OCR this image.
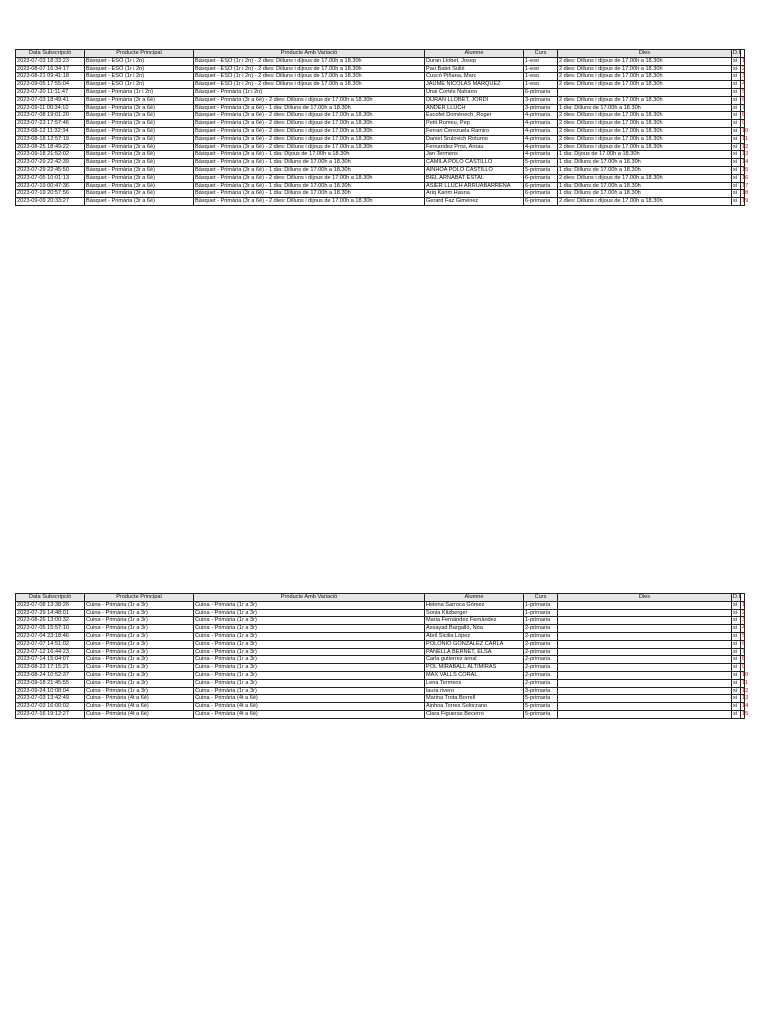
Data Subscripció	Producte Principal	Producte Amb Variació	Alumne	Curs	Dies	D.I.	
2023-07-03 18:33:23	Bàsquet - ESO (1r i 2n)	Bàsquet - ESO (1r i 2n) - 2 dies: Dilluns i dijous de 17.00h a 18.30h	Duran Llobet, Josep	1-eso	2 dies: Dilluns i dijous de 17.00h a 18.30h	si	1
2023-08-07 16:34:17	Bàsquet - ESO (1r i 2n)	Bàsquet - ESO (1r i 2n) - 2 dies: Dilluns i dijous de 17.00h a 18.30h	Pau Batet Sullé	1-eso	2 dies: Dilluns i dijous de 17.00h a 18.30h	si	2
2023-08-21 09:41:18	Bàsquet - ESO (1r i 2n)	Bàsquet - ESO (1r i 2n) - 2 dies: Dilluns i dijous de 17.00h a 18.30h	Cuscó Piñana, Marc	1-eso	2 dies: Dilluns i dijous de 17.00h a 18.30h	si	3
2023-09-05 17:55:04	Bàsquet - ESO (1r i 2n)	Bàsquet - ESO (1r i 2n) - 2 dies: Dilluns i dijous de 17.00h a 18.30h	JAUME NICOLAS MARQUEZ	1-eso	2 dies: Dilluns i dijous de 17.00h a 18.30h	si	4
2023-07-20 11:11:47	Bàsquet - Primària (1r i 2n)	Bàsquet - Primària (1r i 2n)	Unai Cortés Naharro	6-primaria		si	5
2023-07-03 18:49:41	Bàsquet - Primària (3r a 6è)	Bàsquet - Primària (3r a 6è) - 2 dies: Dilluns i dijous de 17.00h a 18.30h	DURAN LLOBET, JORDI	3-primaria	2 dies: Dilluns i dijous de 17.00h a 18.30h	si	6
2023-09-11 00:34:10	Bàsquet - Primària (3r a 6è)	Bàsquet - Primària (3r a 6è) - 1 dia: Dilluns de 17.00h a 18.30h	ANDER LLUCH	3-primaria	1 dia: Dilluns de 17.00h a 18.30h	si	7
2023-07-08 19:01:20	Bàsquet - Primària (3r a 6è)	Bàsquet - Primària (3r a 6è) - 2 dies: Dilluns i dijous de 17.00h a 18.30h	Escofet Domènech, Roger	4-primaria	2 dies: Dilluns i dijous de 17.00h a 18.30h	si	8
2023-07-23 17:57:46	Bàsquet - Primària (3r a 6è)	Bàsquet - Primària (3r a 6è) - 2 dies: Dilluns i dijous de 17.00h a 18.30h	Petit Romeu, Pep	4-primaria	2 dies: Dilluns i dijous de 17.00h a 18.30h	si	9
2023-08-12 11:32:34	Bàsquet - Primària (3r a 6è)	Bàsquet - Primària (3r a 6è) - 2 dies: Dilluns i dijous de 17.00h a 18.30h	Ferran Cerezuela Ramiro	4-primaria	2 dies: Dilluns i dijous de 17.00h a 18.30h	si	10
2023-08-18 12:57:19	Bàsquet - Primària (3r a 6è)	Bàsquet - Primària (3r a 6è) - 2 dies: Dilluns i dijous de 17.00h a 18.30h	Daniel Srulovich Roturno	4-primaria	2 dies: Dilluns i dijous de 17.00h a 18.30h	si	11
2023-08-25 18:49:22	Bàsquet - Primària (3r a 6è)	Bàsquet - Primària (3r a 6è) - 2 dies: Dilluns i dijous de 17.00h a 18.30h	Fernandez Pros, Arnau	4-primaria	2 dies: Dilluns i dijous de 17.00h a 18.30h	si	12
2023-09-18 21:52:02	Bàsquet - Primària (3r a 6è)	Bàsquet - Primària (3r a 6è) - 1 dia: Dijous de 17.00h a 18.30h	Jan Termens	4-primaria	1 dia: Dijous de 17.00h a 18.30h	si	13
2023-07-29 22:42:39	Bàsquet - Primària (3r a 6è)	Bàsquet - Primària (3r a 6è) - 1 dia: Dilluns de 17.00h a 18.30h	CAMILA POLO CASTILLO	5-primaria	1 dia: Dilluns de 17.00h a 18.30h	si	14
2023-07-29 22:45:50	Bàsquet - Primària (3r a 6è)	Bàsquet - Primària (3r a 6è) - 1 dia: Dilluns de 17.00h a 18.30h	AINHOA POLO CASTILLO	5-primaria	1 dia: Dilluns de 17.00h a 18.30h	si	15
2023-07-05 10:01:13	Bàsquet - Primària (3r a 6è)	Bàsquet - Primària (3r a 6è) - 2 dies: Dilluns i dijous de 17.00h a 18.30h	BIEL ARNABAT ESTAL	6-primaria	2 dies: Dilluns i dijous de 17.00h a 18.30h	si	16
2023-07-19 00:47:36	Bàsquet - Primària (3r a 6è)	Bàsquet - Primària (3r a 6è) - 1 dia: Dilluns de 17.00h a 18.30h	ASIER LLUCH ARRUABARRENA	6-primaria	1 dia: Dilluns de 17.00h a 18.30h	si	17
2023-07-19 20:57:56	Bàsquet - Primària (3r a 6è)	Bàsquet - Primària (3r a 6è) - 1 dia: Dilluns de 17.00h a 18.30h	Ariq Karim Hasna	6-primaria	1 dia: Dilluns de 17.00h a 18.30h	si	18
2023-09-09 20:33:27	Bàsquet - Primària (3r a 6è)	Bàsquet - Primària (3r a 6è) - 2 dies: Dilluns i dijous de 17.00h a 18.30h	Gerard Faz Giménez	6-primaria	2 dies: Dilluns i dijous de 17.00h a 18.30h	si	19
Data Subscripció	Producte Principal	Producte Amb Variació	Alumne	Curs	Dies	D.I.	
2023-07-08 13:38:26	Cuina - Primària (1r a 3r)	Cuina - Primària (1r a 3r)	Helena Sarroca Gómez	1-primaria		si	1
2023-07-29 14:48:01	Cuina - Primària (1r a 3r)	Cuina - Primària (1r a 3r)	Sonia Kitzberger	1-primaria		si	2
2023-08-26 13:00:32	Cuina - Primària (1r a 3r)	Cuina - Primària (1r a 3r)	Maria Fernández Fernàndez	1-primaria		si	3
2023-07-05 15:57:10	Cuina - Primària (1r a 3r)	Cuina - Primària (1r a 3r)	Assayad Bargalló, Noa	2-primaria		si	4
2023-07-04 23:18:46	Cuina - Primària (1r a 3r)	Cuina - Primària (1r a 3r)	Abril Sicilia López	2-primaria		si	5
2023-07-07 14:51:02	Cuina - Primària (1r a 3r)	Cuina - Primària (1r a 3r)	POLONIO GONZALEZ CARLA	2-primaria		si	6
2023-07-12 16:44:23	Cuina - Primària (1r a 3r)	Cuina - Primària (1r a 3r)	PANELLA BERNET, ELSA	2-primaria		si	7
2023-07-14 15:04:07	Cuina - Primària (1r a 3r)	Cuina - Primària (1r a 3r)	Carla gutierrez arnal	2-primaria		si	8
2023-08-23 17:15:21	Cuina - Primària (1r a 3r)	Cuina - Primària (1r a 3r)	POL MIRABALL ALTIMIRAS	2-primaria		si	9
2023-08-24 10:52:37	Cuina - Primària (1r a 3r)	Cuina - Primària (1r a 3r)	MAX VALLS CORAL	2-primaria		si	10
2023-09-18 21:45:55	Cuina - Primària (1r a 3r)	Cuina - Primària (1r a 3r)	Lena Termens	2-primaria		si	11
2023-09-24 10:08:04	Cuina - Primària (1r a 3r)	Cuina - Primària (1r a 3r)	laura rivero	3-primaria		si	12
2023-07-03 13:42:49	Cuina - Primària (4t a 6è)	Cuina - Primària (4t a 6è)	Marina Trota Borrell	5-primaria		si	13
2023-07-03 16:00:02	Cuina - Primària (4t a 6è)	Cuina - Primària (4t a 6è)	Ainhoa Torres Solorzano	5-primaria		si	14
2023-07-16 19:12:27	Cuina - Primària (4t a 6è)	Cuina - Primària (4t a 6è)	Clara Figueras Becerro	5-primaria		si	15
